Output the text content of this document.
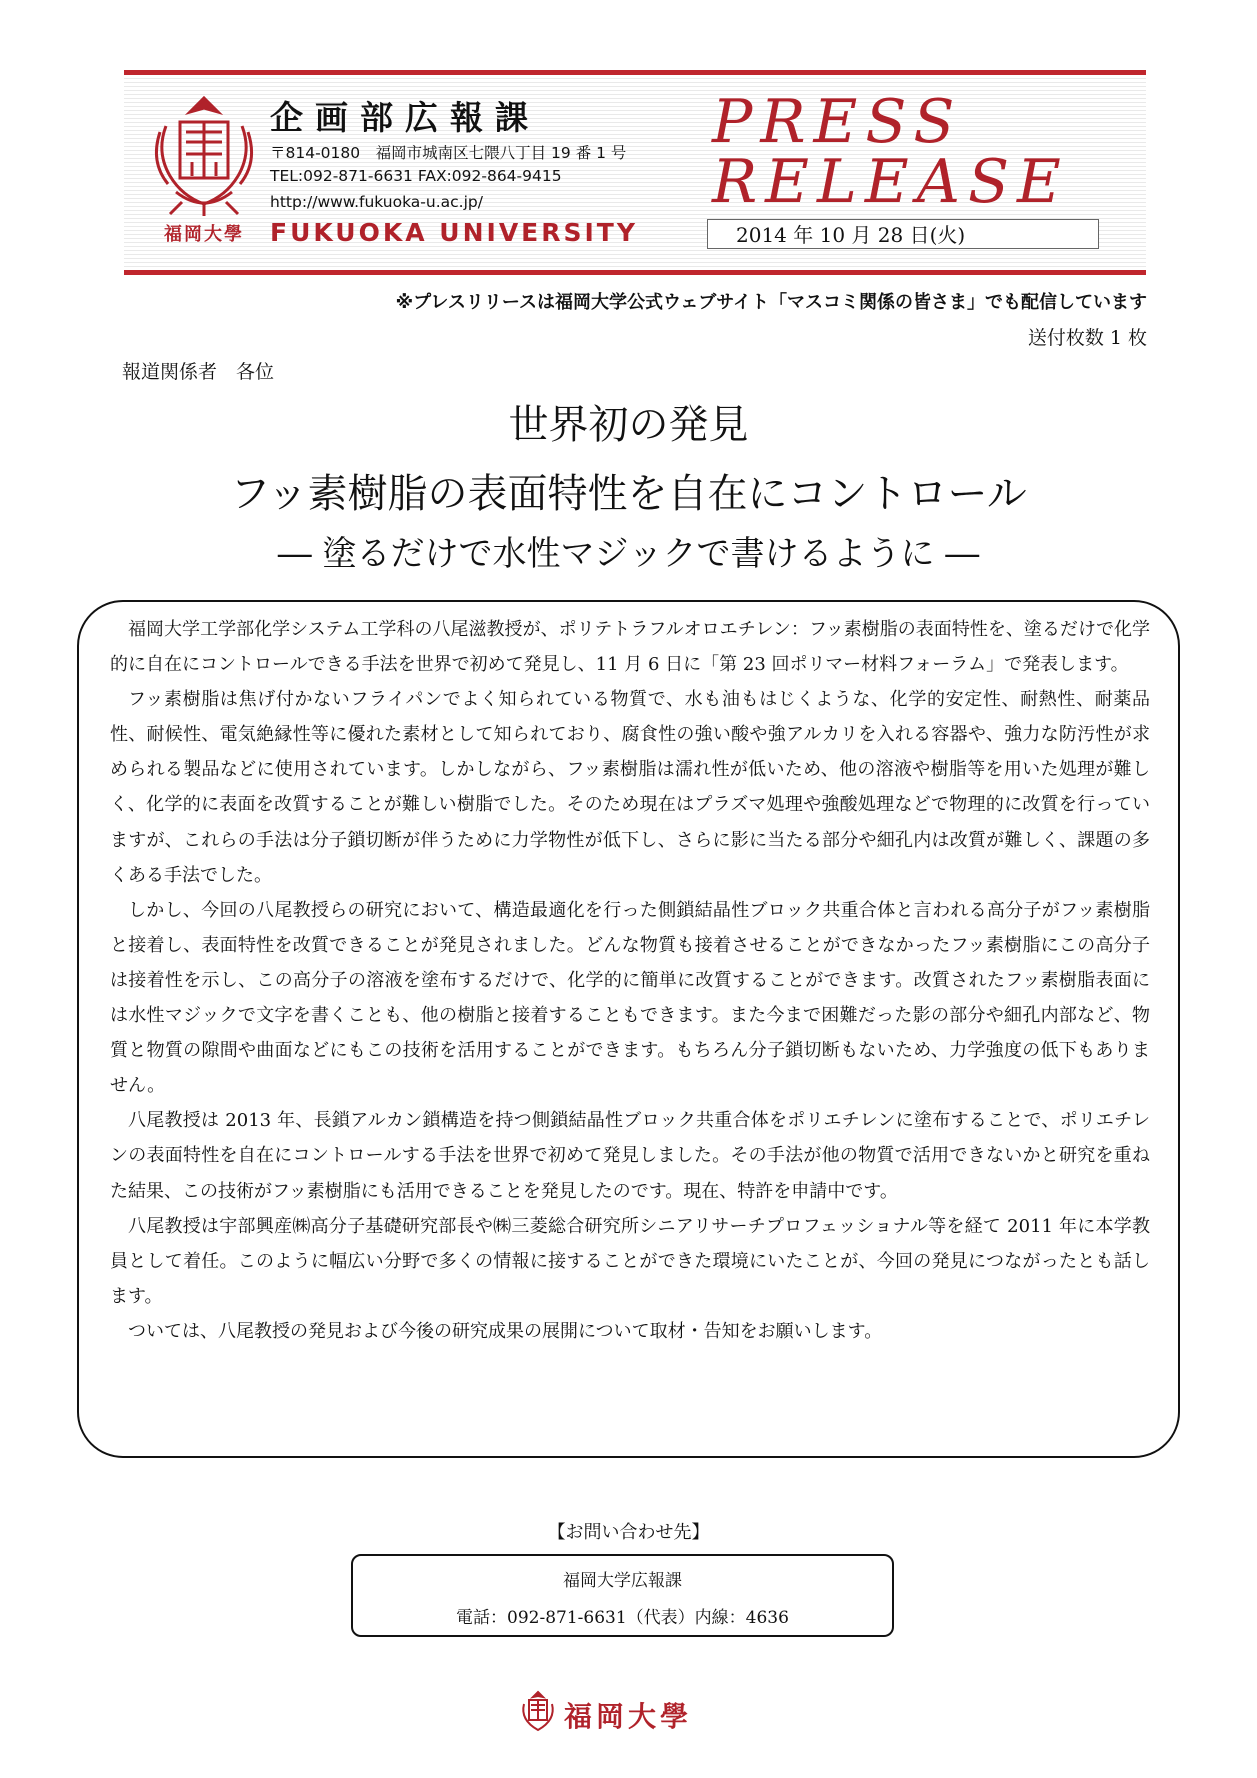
福岡大學
企画部広報課
〒814-0180　福岡市城南区七隈八丁目 19 番 1 号
TEL:092-871-6631 FAX:092-864-9415
http://www.fukuoka-u.ac.jp/
FUKUOKA UNIVERSITY
PRESS
RELEASE
2014 年 10 月 28 日(火)
※プレスリリースは福岡大学公式ウェブサイト「マスコミ関係の皆さま」でも配信しています
送付枚数 1 枚
報道関係者　各位
世界初の発見
フッ素樹脂の表面特性を自在にコントロール
― 塗るだけで水性マジックで書けるように ―

福岡大学工学部化学システム工学科の八尾滋教授が、ポリテトラフルオロエチレン：フッ素樹脂の表面特性を、塗るだけで化学的に自在にコントロールできる手法を世界で初めて発見し、11 月 6 日に「第 23 回ポリマー材料フォーラム」で発表します。

フッ素樹脂は焦げ付かないフライパンでよく知られている物質で、水も油もはじくような、化学的安定性、耐熱性、耐薬品性、耐候性、電気絶縁性等に優れた素材として知られており、腐食性の強い酸や強アルカリを入れる容器や、強力な防汚性が求められる製品などに使用されています。しかしながら、フッ素樹脂は濡れ性が低いため、他の溶液や樹脂等を用いた処理が難しく、化学的に表面を改質することが難しい樹脂でした。そのため現在はプラズマ処理や強酸処理などで物理的に改質を行っていますが、これらの手法は分子鎖切断が伴うために力学物性が低下し、さらに影に当たる部分や細孔内は改質が難しく、課題の多くある手法でした。

しかし、今回の八尾教授らの研究において、構造最適化を行った側鎖結晶性ブロック共重合体と言われる高分子がフッ素樹脂と接着し、表面特性を改質できることが発見されました。どんな物質も接着させることができなかったフッ素樹脂にこの高分子は接着性を示し、この高分子の溶液を塗布するだけで、化学的に簡単に改質することができます。改質されたフッ素樹脂表面には水性マジックで文字を書くことも、他の樹脂と接着することもできます。また今まで困難だった影の部分や細孔内部など、物質と物質の隙間や曲面などにもこの技術を活用することができます。もちろん分子鎖切断もないため、力学強度の低下もありません。

八尾教授は 2013 年、長鎖アルカン鎖構造を持つ側鎖結晶性ブロック共重合体をポリエチレンに塗布することで、ポリエチレンの表面特性を自在にコントロールする手法を世界で初めて発見しました。その手法が他の物質で活用できないかと研究を重ねた結果、この技術がフッ素樹脂にも活用できることを発見したのです。現在、特許を申請中です。

八尾教授は宇部興産㈱高分子基礎研究部長や㈱三菱総合研究所シニアリサーチプロフェッショナル等を経て 2011 年に本学教員として着任。このように幅広い分野で多くの情報に接することができた環境にいたことが、今回の発見につながったとも話します。

ついては、八尾教授の発見および今後の研究成果の展開について取材・告知をお願いします。

【お問い合わせ先】
福岡大学広報課
電話：092-871-6631（代表）内線：4636
福岡大學
